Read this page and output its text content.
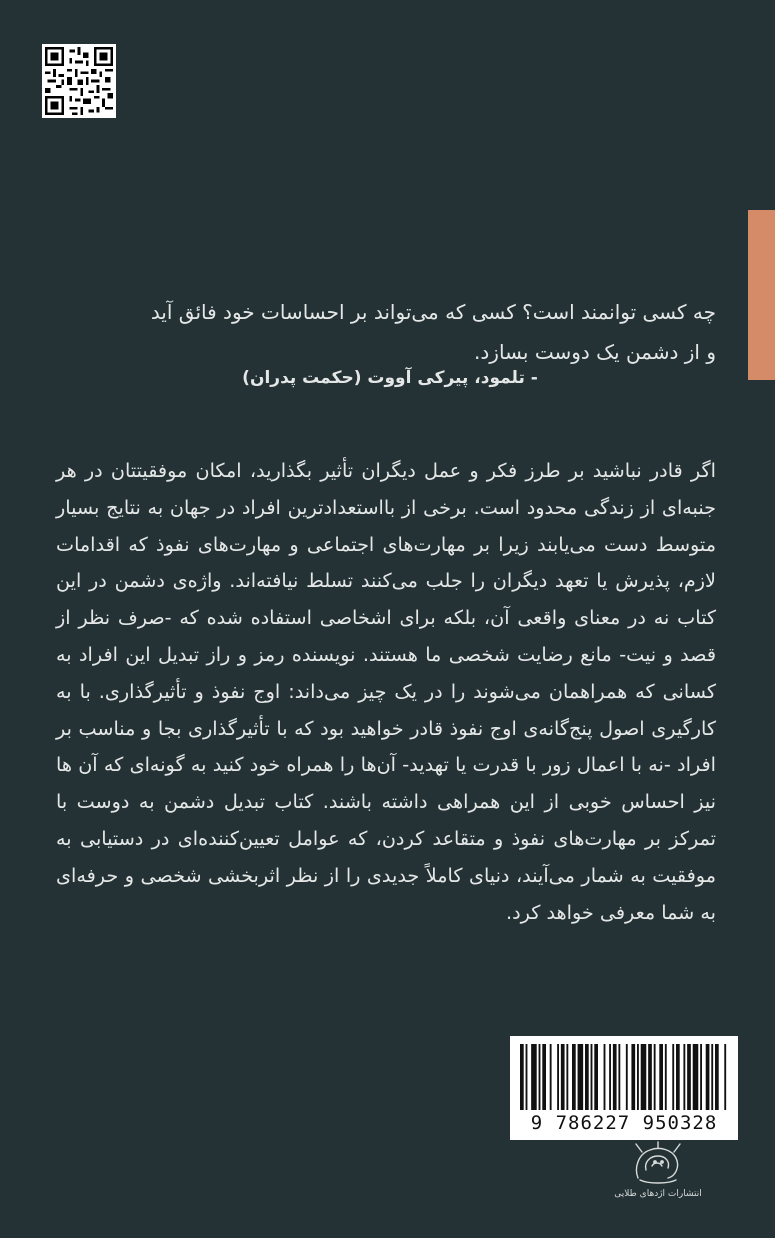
چه کسی توانمند است؟ کسی که می‌تواند بر احساسات خود فائق آید
و از دشمن یک دوست بسازد.
- تلمود، پیرکی آووت (حکمت پدران)

اگر قادر نباشید بر طرز فکر و عمل دیگران تأثیر بگذارید، امکان موفقیتتان در هر جنبه‌ای از زندگی محدود است. برخی از بااستعدادترین افراد در جهان به نتایج بسیار متوسط دست می‌یابند زیرا بر مهارت‌های اجتماعی و مهارت‌های نفوذ که اقدامات لازم، پذیرش یا تعهد دیگران را جلب می‌کنند تسلط نیافته‌اند. واژه‌ی دشمن در این کتاب نه در معنای واقعی آن، بلکه برای اشخاصی استفاده شده که -صرف نظر از قصد و نیت- مانع رضایت شخصی ما هستند. نویسنده رمز و راز تبدیل این افراد به کسانی که همراهمان می‌شوند را در یک چیز می‌داند: اوج نفوذ و تأثیرگذاری. با به کارگیری اصول پنج‌گانه‌ی اوج نفوذ قادر خواهید بود که با تأثیرگذاری بجا و مناسب بر افراد -نه با اعمال زور با قدرت یا تهدید- آن‌ها را همراه خود کنید به گونه‌ای که آن ها نیز احساس خوبی از این همراهی داشته باشند. کتاب تبدیل دشمن به دوست با تمرکز بر مهارت‌های نفوذ و متقاعد کردن، که عوامل تعیین‌کننده‌ای در دستیابی به موفقیت به شمار می‌آیند، دنیای کاملاً جدیدی را از نظر اثربخشی شخصی و حرفه‌ای به شما معرفی خواهد کرد.

9 786227 950328
انتشارات اژدهای طلایی
